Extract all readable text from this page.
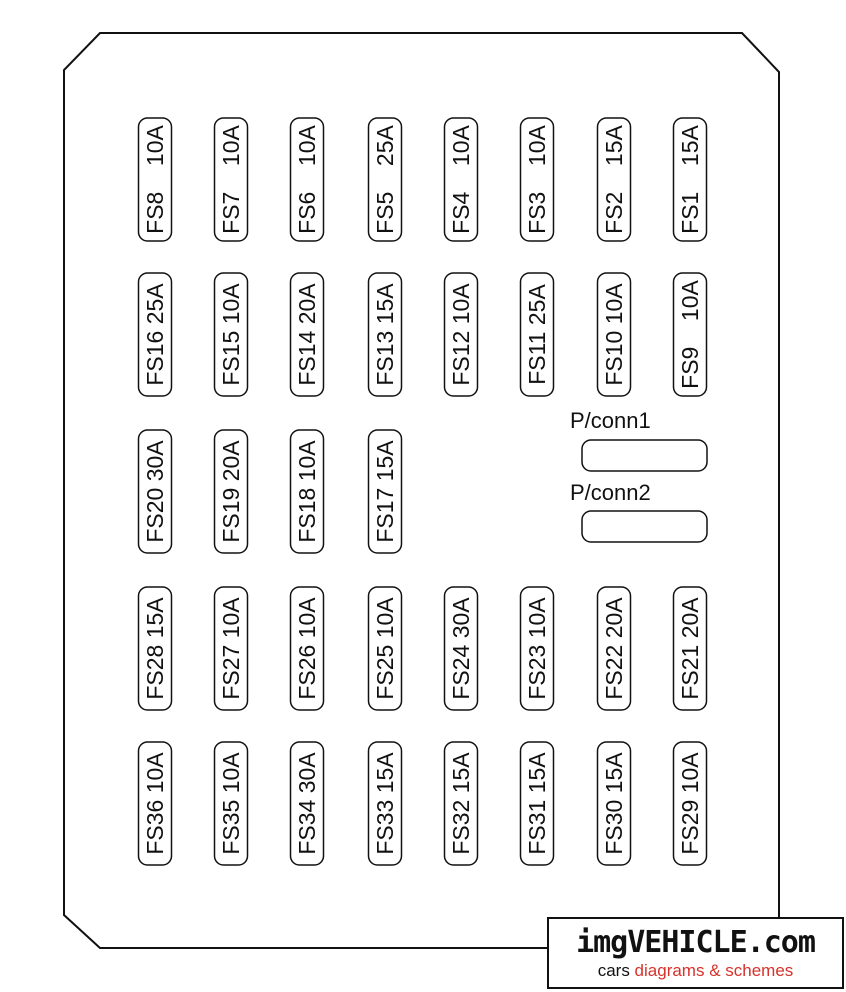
FS8    10A
FS7    10A
FS6    10A
FS5    25A
FS4    10A
FS3    10A
FS2    15A
FS1    15A
FS16 25A
FS15 10A
FS14 20A
FS13 15A
FS12 10A
FS11 25A
FS10 10A
FS9    10A
FS20 30A
FS19 20A
FS18 10A
FS17 15A
FS28 15A
FS27 10A
FS26 10A
FS25 10A
FS24 30A
FS23 10A
FS22 20A
FS21 20A
FS36 10A
FS35 10A
FS34 30A
FS33 15A
FS32 15A
FS31 15A
FS30 15A
FS29 10A
P/conn1
P/conn2
imgVEHICLE.com
cars diagrams & schemes
